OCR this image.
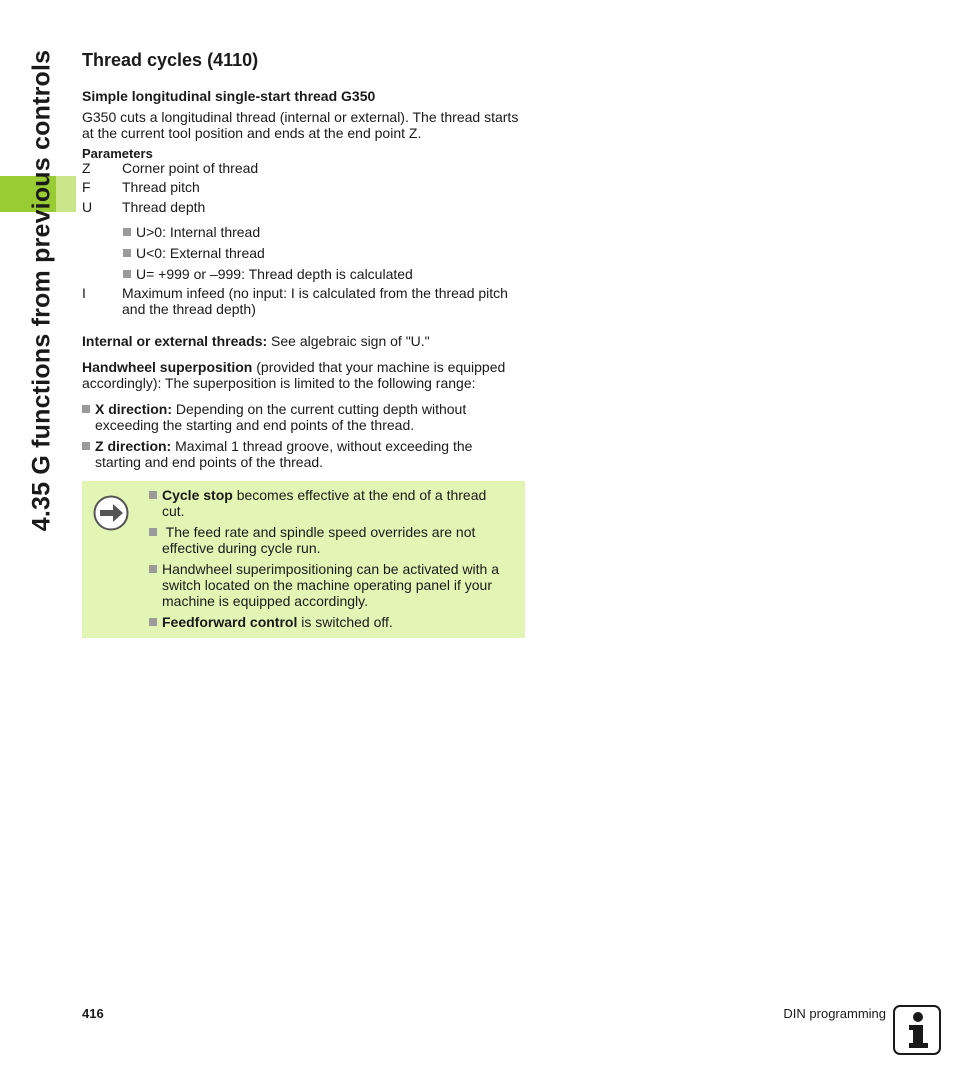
4.35 G functions from previous controls Thread cycles (4110)
Simple longitudinal single-start thread G350
G350 cuts a longitudinal thread (internal or external). The thread starts
at the current tool position and ends at the end point Z.
Parameters
Z Corner point of thread
F Thread pitch
U Thread depth
U>0: Internal thread
U<0: External thread
U= +999 or –999: Thread depth is calculated
I	Maximum infeed (no input: I is calculated from the thread pitch
and the thread depth)
Internal or external threads: See algebraic sign of "U."
Handwheel superposition (provided that your machine is equipped
accordingly): The superposition is limited to the following range:
X direction: Depending on the current cutting depth without
exceeding the starting and end points of the thread.
Z direction: Maximal 1 thread groove, without exceeding the
starting and end points of the thread.
Cycle stop becomes effective at the end of a thread
cut.
The feed rate and spindle speed overrides are not
effective during cycle run.
Handwheel superimpositioning can be activated with a
switch located on the machine operating panel if your
machine is equipped accordingly.
Feedforward control is switched off.
416	DIN programming
